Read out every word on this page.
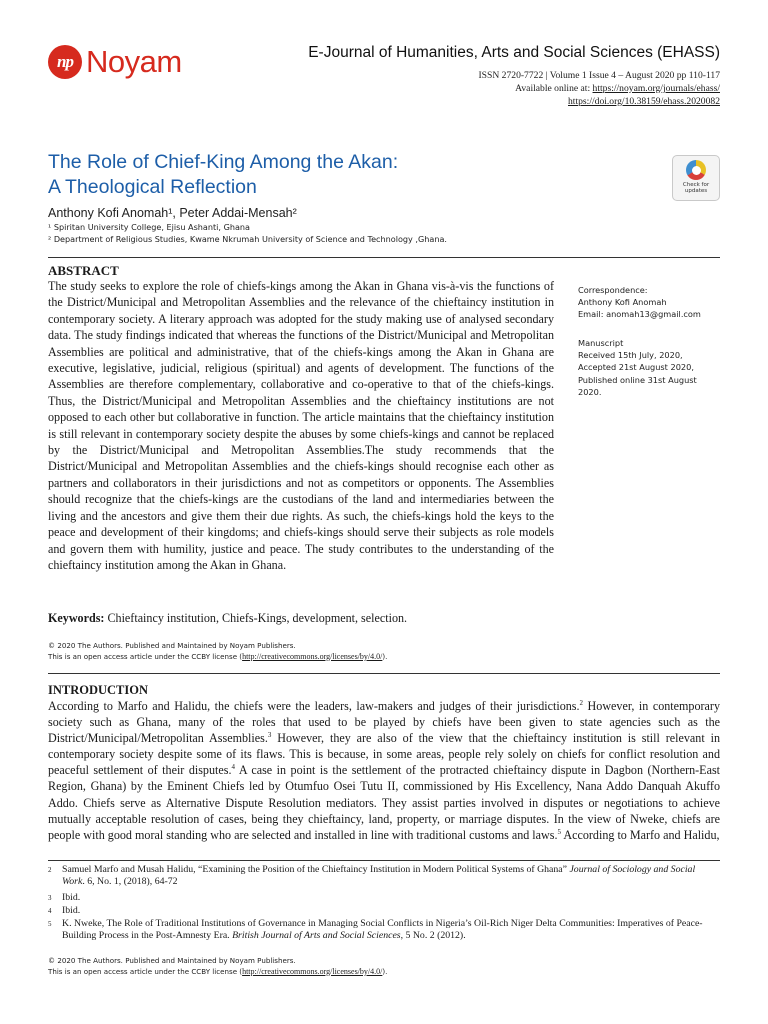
np Noyam	E-Journal of Humanities, Arts and Social Sciences (EHASS)
ISSN 2720-7722 | Volume 1 Issue 4 – August 2020 pp 110-117
Available online at: https://noyam.org/journals/ehass/
https://doi.org/10.38159/ehass.2020082
The Role of Chief-King Among the Akan:
A Theological Reflection	Check for
updates
Anthony Kofi Anomah¹, Peter Addai-Mensah²
¹ Spiritan University College, Ejisu Ashanti, Ghana
² Department of Religious Studies, Kwame Nkrumah University of Science and Technology ,Ghana.
ABSTRACT
The study seeks to explore the role of chiefs-kings among the Akan in Ghana vis-à-vis the functions of the District/Municipal and Metropolitan Assemblies and the relevance of the chieftaincy institution in contemporary society. A literary approach was adopted for the study making use of analysed secondary data. The study findings indicated that whereas the functions of the District/Municipal and Metropolitan Assemblies are political and administrative, that of the chiefs-kings among the Akan in Ghana are executive, legislative, judicial, religious (spiritual) and agents of development. The functions of the Assemblies are therefore complementary, collaborative and co-operative to that of the chiefs-kings. Thus, the District/Municipal and Metropolitan Assemblies and the chieftaincy institutions are not opposed to each other but collaborative in function. The article maintains that the chieftaincy institution is still relevant in contemporary society despite the abuses by some chiefs-kings and cannot be replaced by the District/Municipal and Metropolitan Assemblies.The study recommends that the District/Municipal and Metropolitan Assemblies and the chiefs-kings should recognise each other as partners and collaborators in their jurisdictions and not as competitors or opponents. The Assemblies should recognize that the chiefs-kings are the custodians of the land and intermediaries between the living and the ancestors and give them their due rights. As such, the chiefs-kings hold the keys to the peace and development of their kingdoms; and chiefs-kings should serve their subjects as role models and govern them with humility, justice and peace. The study contributes to the understanding of the chieftaincy institution among the Akan in Ghana.
Correspondence:
Anthony Kofi Anomah
Email: anomah13@gmail.com
Manuscript
Received 15th July, 2020,
Accepted 21st August 2020,
Published online 31st August
2020.
Keywords: Chieftaincy institution, Chiefs-Kings, development, selection.
© 2020 The Authors. Published and Maintained by Noyam Publishers.
This is an open access article under the CCBY license (http://creativecommons.org/licenses/by/4.0/).
INTRODUCTION
According to Marfo and Halidu, the chiefs were the leaders, law-makers and judges of their jurisdictions.$^2$ However, in contemporary society such as Ghana, many of the roles that used to be played by chiefs have been given to state agencies such as the District/Municipal/Metropolitan Assemblies.$^3$ However, they are also of the view that the chieftaincy institution is still relevant in contemporary society despite some of its flaws. This is because, in some areas, people rely solely on chiefs for conflict resolution and peaceful settlement of their disputes.$^4$ A case in point is the settlement of the protracted chieftaincy dispute in Dagbon (Northern-East Region, Ghana) by the Eminent Chiefs led by Otumfuo Osei Tutu II, commissioned by His Excellency, Nana Addo Danquah Akuffo Addo. Chiefs serve as Alternative Dispute Resolution mediators. They assist parties involved in disputes or negotiations to achieve mutually acceptable resolution of cases, being they chieftaincy, land, property, or marriage disputes. In the view of Nweke, chiefs are people with good moral standing who are selected and installed in line with traditional customs and laws.$^5$ According to Marfo and Halidu,
2 Samuel Marfo and Musah Halidu, “Examining the Position of the Chieftaincy Institution in Modern Political Systems of Ghana” Journal of Sociology and Social Work. 6, No. 1, (2018), 64-72
3 Ibid.
4 Ibid.
5 K. Nweke, The Role of Traditional Institutions of Governance in Managing Social Conflicts in Nigeria’s Oil-Rich Niger Delta Communities: Imperatives of Peace-Building Process in the Post-Amnesty Era. British Journal of Arts and Social Sciences, 5 No. 2 (2012).
© 2020 The Authors. Published and Maintained by Noyam Publishers.
This is an open access article under the CCBY license (http://creativecommons.org/licenses/by/4.0/).
